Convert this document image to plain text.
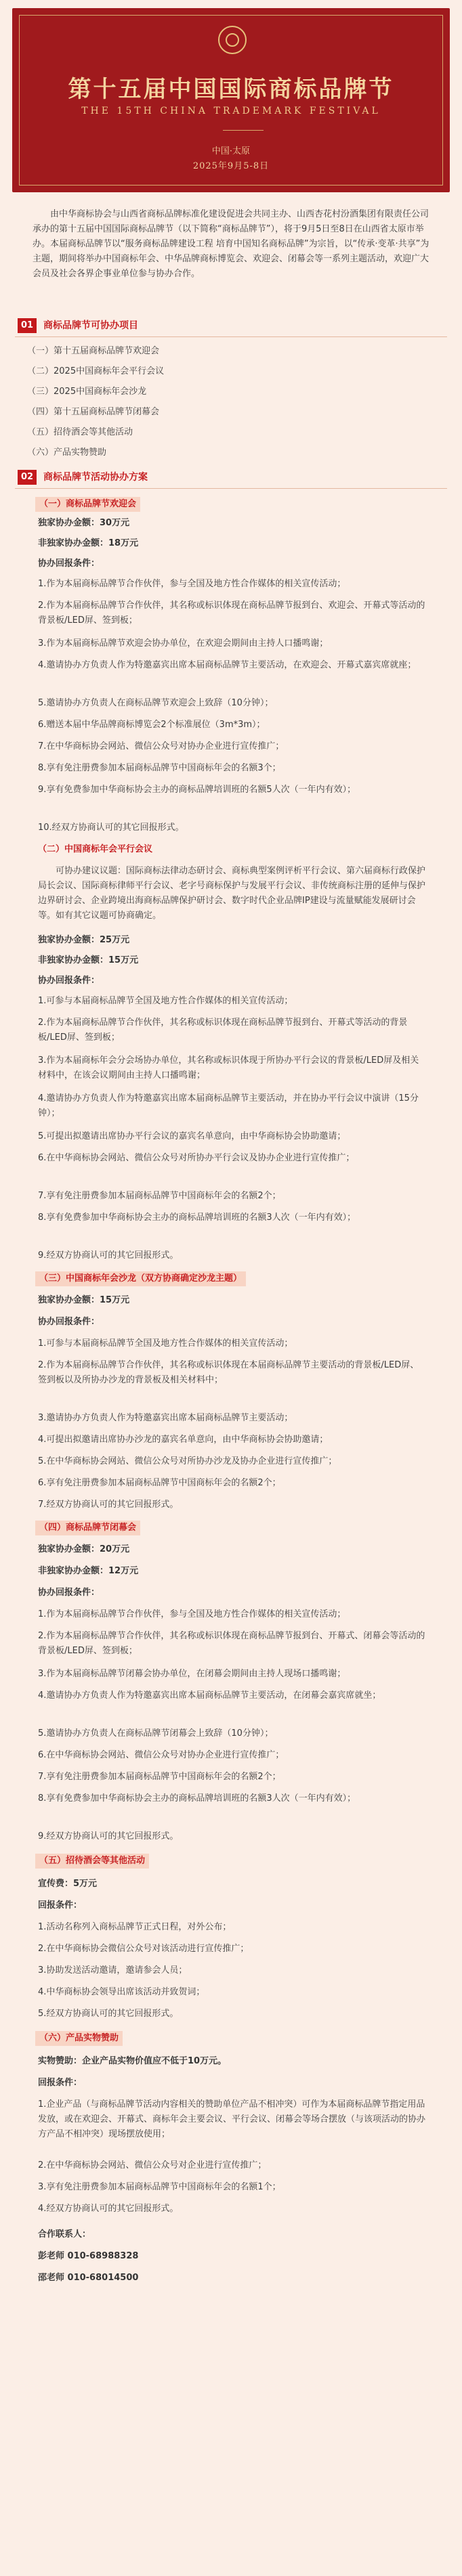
第十五届中国国际商标品牌节
THE 15TH CHINA TRADEMARK FESTIVAL
中国·太原
2025年9月5-8日
由中华商标协会与山西省商标品牌标准化建设促进会共同主办、山西杏花村汾酒集团有限责任公司承办的第十五届中国国际商标品牌节（以下简称“商标品牌节”），将于9月5日至8日在山西省太原市举办。本届商标品牌节以“服务商标品牌建设工程 培育中国知名商标品牌”为宗旨，以“传承·变革·共享”为主题，期间将举办中国商标年会、中华品牌商标博览会、欢迎会、闭幕会等一系列主题活动，欢迎广大会员及社会各界企事业单位参与协办合作。
01	商标品牌节可协办项目
（一）第十五届商标品牌节欢迎会
（二）2025中国商标年会平行会议
（三）2025中国商标年会沙龙
（四）第十五届商标品牌节闭幕会
（五）招待酒会等其他活动
（六）产品实物赞助
02	商标品牌节活动协办方案
（一）商标品牌节欢迎会
独家协办金额：30万元
非独家协办金额：18万元
协办回报条件：
1.作为本届商标品牌节合作伙伴，参与全国及地方性合作媒体的相关宣传活动；
2.作为本届商标品牌节合作伙伴，其名称或标识体现在商标品牌节报到台、欢迎会、开幕式等活动的背景板/LED屏、签到板；
3.作为本届商标品牌节欢迎会协办单位，在欢迎会期间由主持人口播鸣谢；
4.邀请协办方负责人作为特邀嘉宾出席本届商标品牌节主要活动，在欢迎会、开幕式嘉宾席就座；
5.邀请协办方负责人在商标品牌节欢迎会上致辞（10分钟）；
6.赠送本届中华品牌商标博览会2个标准展位（3m*3m）；
7.在中华商标协会网站、微信公众号对协办企业进行宣传推广；
8.享有免注册费参加本届商标品牌节中国商标年会的名额3个；
9.享有免费参加中华商标协会主办的商标品牌培训班的名额5人次（一年内有效）；
10.经双方协商认可的其它回报形式。
（二）中国商标年会平行会议
可协办建议议题：国际商标法律动态研讨会、商标典型案例评析平行会议、第六届商标行政保护局长会议、国际商标律师平行会议、老字号商标保护与发展平行会议、非传统商标注册的延伸与保护边界研讨会、企业跨境出海商标品牌保护研讨会、数字时代企业品牌IP建设与流量赋能发展研讨会等。如有其它议题可协商确定。
独家协办金额：25万元
非独家协办金额：15万元
协办回报条件：
1.可参与本届商标品牌节全国及地方性合作媒体的相关宣传活动；
2.作为本届商标品牌节合作伙伴，其名称或标识体现在商标品牌节报到台、开幕式等活动的背景板/LED屏、签到板；
3.作为本届商标年会分会场协办单位，其名称或标识体现于所协办平行会议的背景板/LED屏及相关材料中，在该会议期间由主持人口播鸣谢；
4.邀请协办方负责人作为特邀嘉宾出席本届商标品牌节主要活动，并在协办平行会议中演讲（15分钟）；
5.可提出拟邀请出席协办平行会议的嘉宾名单意向，由中华商标协会协助邀请；
6.在中华商标协会网站、微信公众号对所协办平行会议及协办企业进行宣传推广；
7.享有免注册费参加本届商标品牌节中国商标年会的名额2个；
8.享有免费参加中华商标协会主办的商标品牌培训班的名额3人次（一年内有效）；
9.经双方协商认可的其它回报形式。
（三）中国商标年会沙龙（双方协商确定沙龙主题）
独家协办金额：15万元
协办回报条件：
1.可参与本届商标品牌节全国及地方性合作媒体的相关宣传活动；
2.作为本届商标品牌节合作伙伴，其名称或标识体现在本届商标品牌节主要活动的背景板/LED屏、签到板以及所协办沙龙的背景板及相关材料中；
3.邀请协办方负责人作为特邀嘉宾出席本届商标品牌节主要活动；
4.可提出拟邀请出席协办沙龙的嘉宾名单意向，由中华商标协会协助邀请；
5.在中华商标协会网站、微信公众号对所协办沙龙及协办企业进行宣传推广；
6.享有免注册费参加本届商标品牌节中国商标年会的名额2个；
7.经双方协商认可的其它回报形式。
（四）商标品牌节闭幕会
独家协办金额：20万元
非独家协办金额：12万元
协办回报条件：
1.作为本届商标品牌节合作伙伴，参与全国及地方性合作媒体的相关宣传活动；
2.作为本届商标品牌节合作伙伴，其名称或标识体现在商标品牌节报到台、开幕式、闭幕会等活动的背景板/LED屏、签到板；
3.作为本届商标品牌节闭幕会协办单位，在闭幕会期间由主持人现场口播鸣谢；
4.邀请协办方负责人作为特邀嘉宾出席本届商标品牌节主要活动，在闭幕会嘉宾席就坐；
5.邀请协办方负责人在商标品牌节闭幕会上致辞（10分钟）；
6.在中华商标协会网站、微信公众号对协办企业进行宣传推广；
7.享有免注册费参加本届商标品牌节中国商标年会的名额2个；
8.享有免费参加中华商标协会主办的商标品牌培训班的名额3人次（一年内有效）；
9.经双方协商认可的其它回报形式。
（五）招待酒会等其他活动
宣传费：5万元
回报条件：
1.活动名称列入商标品牌节正式日程，对外公布；
2.在中华商标协会微信公众号对该活动进行宣传推广；
3.协助发送活动邀请，邀请参会人员；
4.中华商标协会领导出席该活动并致贺词；
5.经双方协商认可的其它回报形式。
（六）产品实物赞助
实物赞助：企业产品实物价值应不低于10万元。
回报条件：
1.企业产品（与商标品牌节活动内容相关的赞助单位产品不相冲突）可作为本届商标品牌节指定用品发放，或在欢迎会、开幕式、商标年会主要会议、平行会议、闭幕会等场合摆放（与该项活动的协办方产品不相冲突）现场摆放使用；
2.在中华商标协会网站、微信公众号对企业进行宣传推广；
3.享有免注册费参加本届商标品牌节中国商标年会的名额1个；
4.经双方协商认可的其它回报形式。
合作联系人：
彭老师 010-68988328
邵老师 010-68014500
